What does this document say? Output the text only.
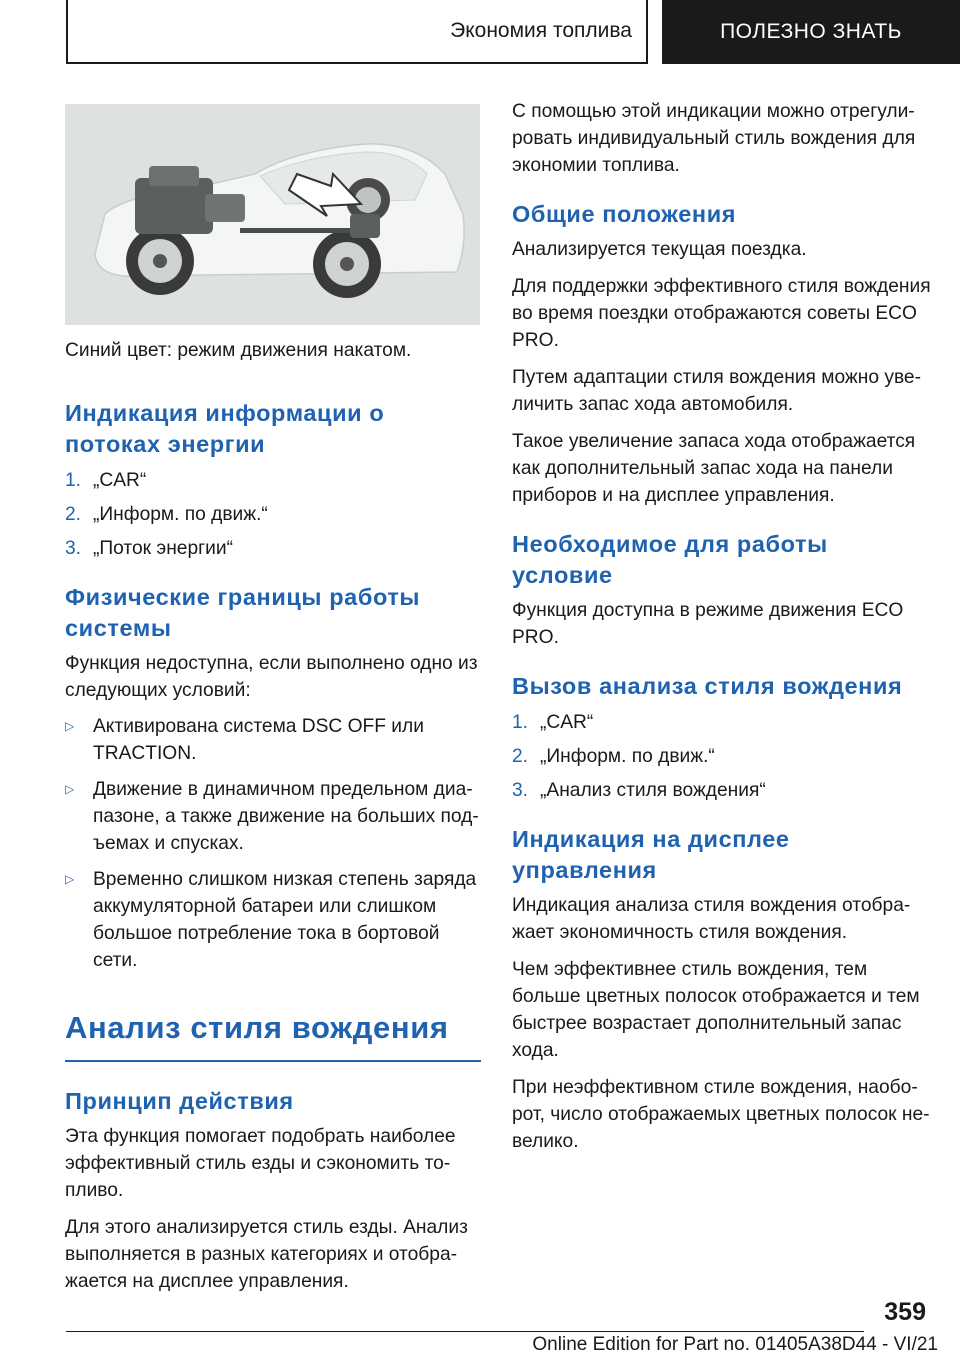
Экономия топлива	ПОЛЕЗНО ЗНАТЬ

Синий цвет: режим движения накатом.

Индикация информации о потоках энергии
1. „CAR“
2. „Информ. по движ.“
3. „Поток энергии“
Физические границы работы системы

Функция недоступна, если выполнено одно из следующих условий:

▷ Активирована система DSC OFF или TRACTION.
▷ Движение в динамичном предельном диапазоне, а также движение на больших подъемах и спусках.
▷ Временно слишком низкая степень заряда аккумуляторной батареи или слишком большое потребление тока в бортовой сети.
Анализ стиля вождения
Принцип действия

Эта функция помогает подобрать наиболее эффективный стиль езды и сэкономить топливо.

Для этого анализируется стиль езды. Анализ выполняется в разных категориях и отображается на дисплее управления.

С помощью этой индикации можно отрегулировать индивидуальный стиль вождения для экономии топлива.

Общие положения

Анализируется текущая поездка.

Для поддержки эффективного стиля вождения во время поездки отображаются советы ECO PRO.

Путем адаптации стиля вождения можно увеличить запас хода автомобиля.

Такое увеличение запаса хода отображается как дополнительный запас хода на панели приборов и на дисплее управления.

Необходимое для работы условие

Функция доступна в режиме движения ECO PRO.

Вызов анализа стиля вождения
1. „CAR“
2. „Информ. по движ.“
3. „Анализ стиля вождения“
Индикация на дисплее управления

Индикация анализа стиля вождения отображает экономичность стиля вождения.

Чем эффективнее стиль вождения, тем больше цветных полосок отображается и тем быстрее возрастает дополнительный запас хода.

При неэффективном стиле вождения, наоборот, число отображаемых цветных полосок невелико.

359
Online Edition for Part no. 01405A38D44 - VI/21
